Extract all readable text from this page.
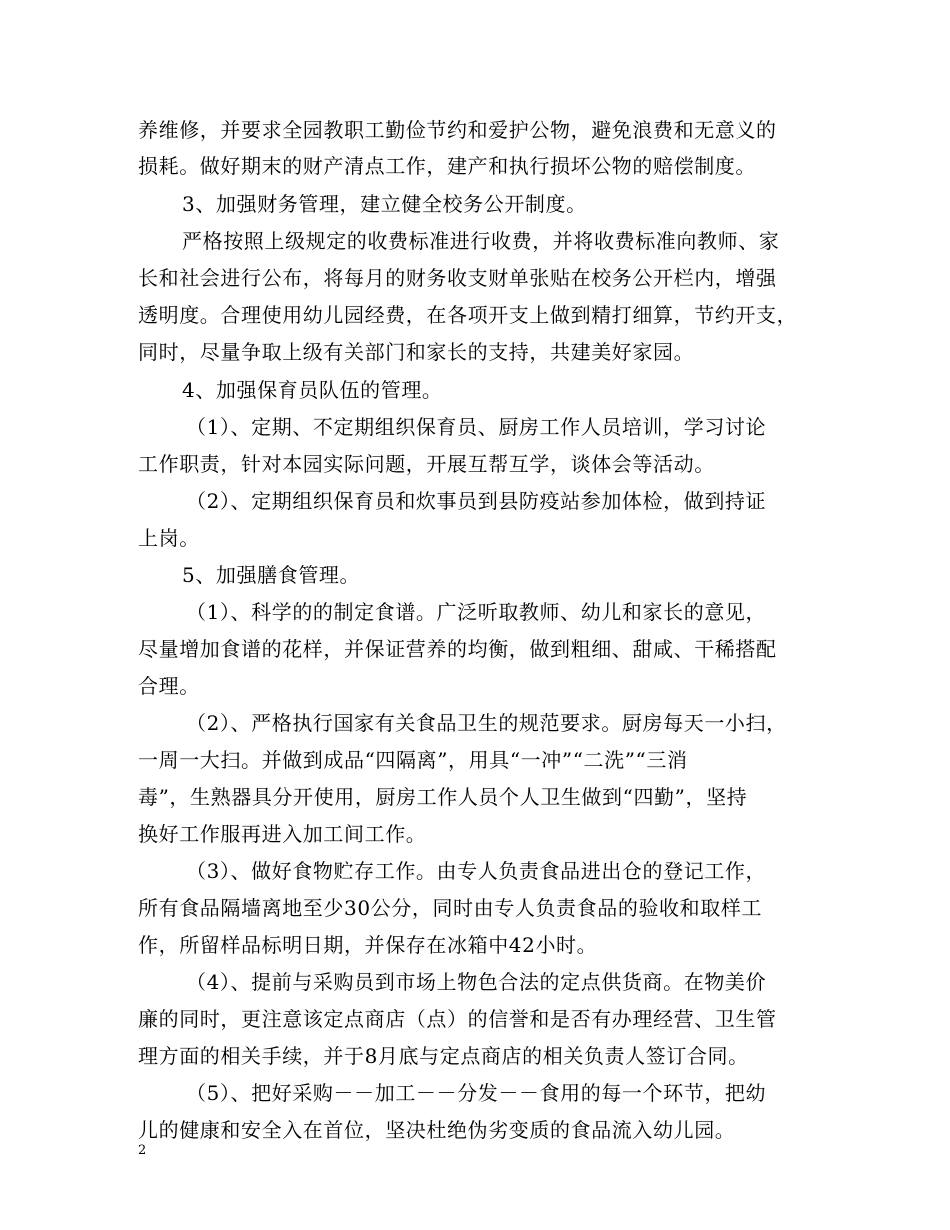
养维修，并要求全园教职工勤俭节约和爱护公物，避免浪费和无意义的
损耗。做好期末的财产清点工作，建产和执行损坏公物的赔偿制度。
3、加强财务管理，建立健全校务公开制度。
严格按照上级规定的收费标准进行收费，并将收费标准向教师、家
长和社会进行公布，将每月的财务收支财单张贴在校务公开栏内，增强
透明度。合理使用幼儿园经费，在各项开支上做到精打细算，节约开支，
同时，尽量争取上级有关部门和家长的支持，共建美好家园。
4、加强保育员队伍的管理。
（1）、定期、不定期组织保育员、厨房工作人员培训，学习讨论
工作职责，针对本园实际问题，开展互帮互学，谈体会等活动。
（2）、定期组织保育员和炊事员到县防疫站参加体检，做到持证
上岗。
5、加强膳食管理。
（1）、科学的的制定食谱。广泛听取教师、幼儿和家长的意见，
尽量增加食谱的花样，并保证营养的均衡，做到粗细、甜咸、干稀搭配
合理。
（2）、严格执行国家有关食品卫生的规范要求。厨房每天一小扫，
一周一大扫。并做到成品“四隔离”，用具“一冲”“二洗”“三消
毒”，生熟器具分开使用，厨房工作人员个人卫生做到“四勤”，坚持
换好工作服再进入加工间工作。
（3）、做好食物贮存工作。由专人负责食品进出仓的登记工作，
所有食品隔墙离地至少30公分，同时由专人负责食品的验收和取样工
作，所留样品标明日期，并保存在冰箱中42小时。
（4）、提前与采购员到市场上物色合法的定点供货商。在物美价
廉的同时，更注意该定点商店（点）的信誉和是否有办理经营、卫生管
理方面的相关手续，并于8月底与定点商店的相关负责人签订合同。
（5）、把好采购－－加工－－分发－－食用的每一个环节，把幼
儿的健康和安全入在首位，坚决杜绝伪劣变质的食品流入幼儿园。
2
